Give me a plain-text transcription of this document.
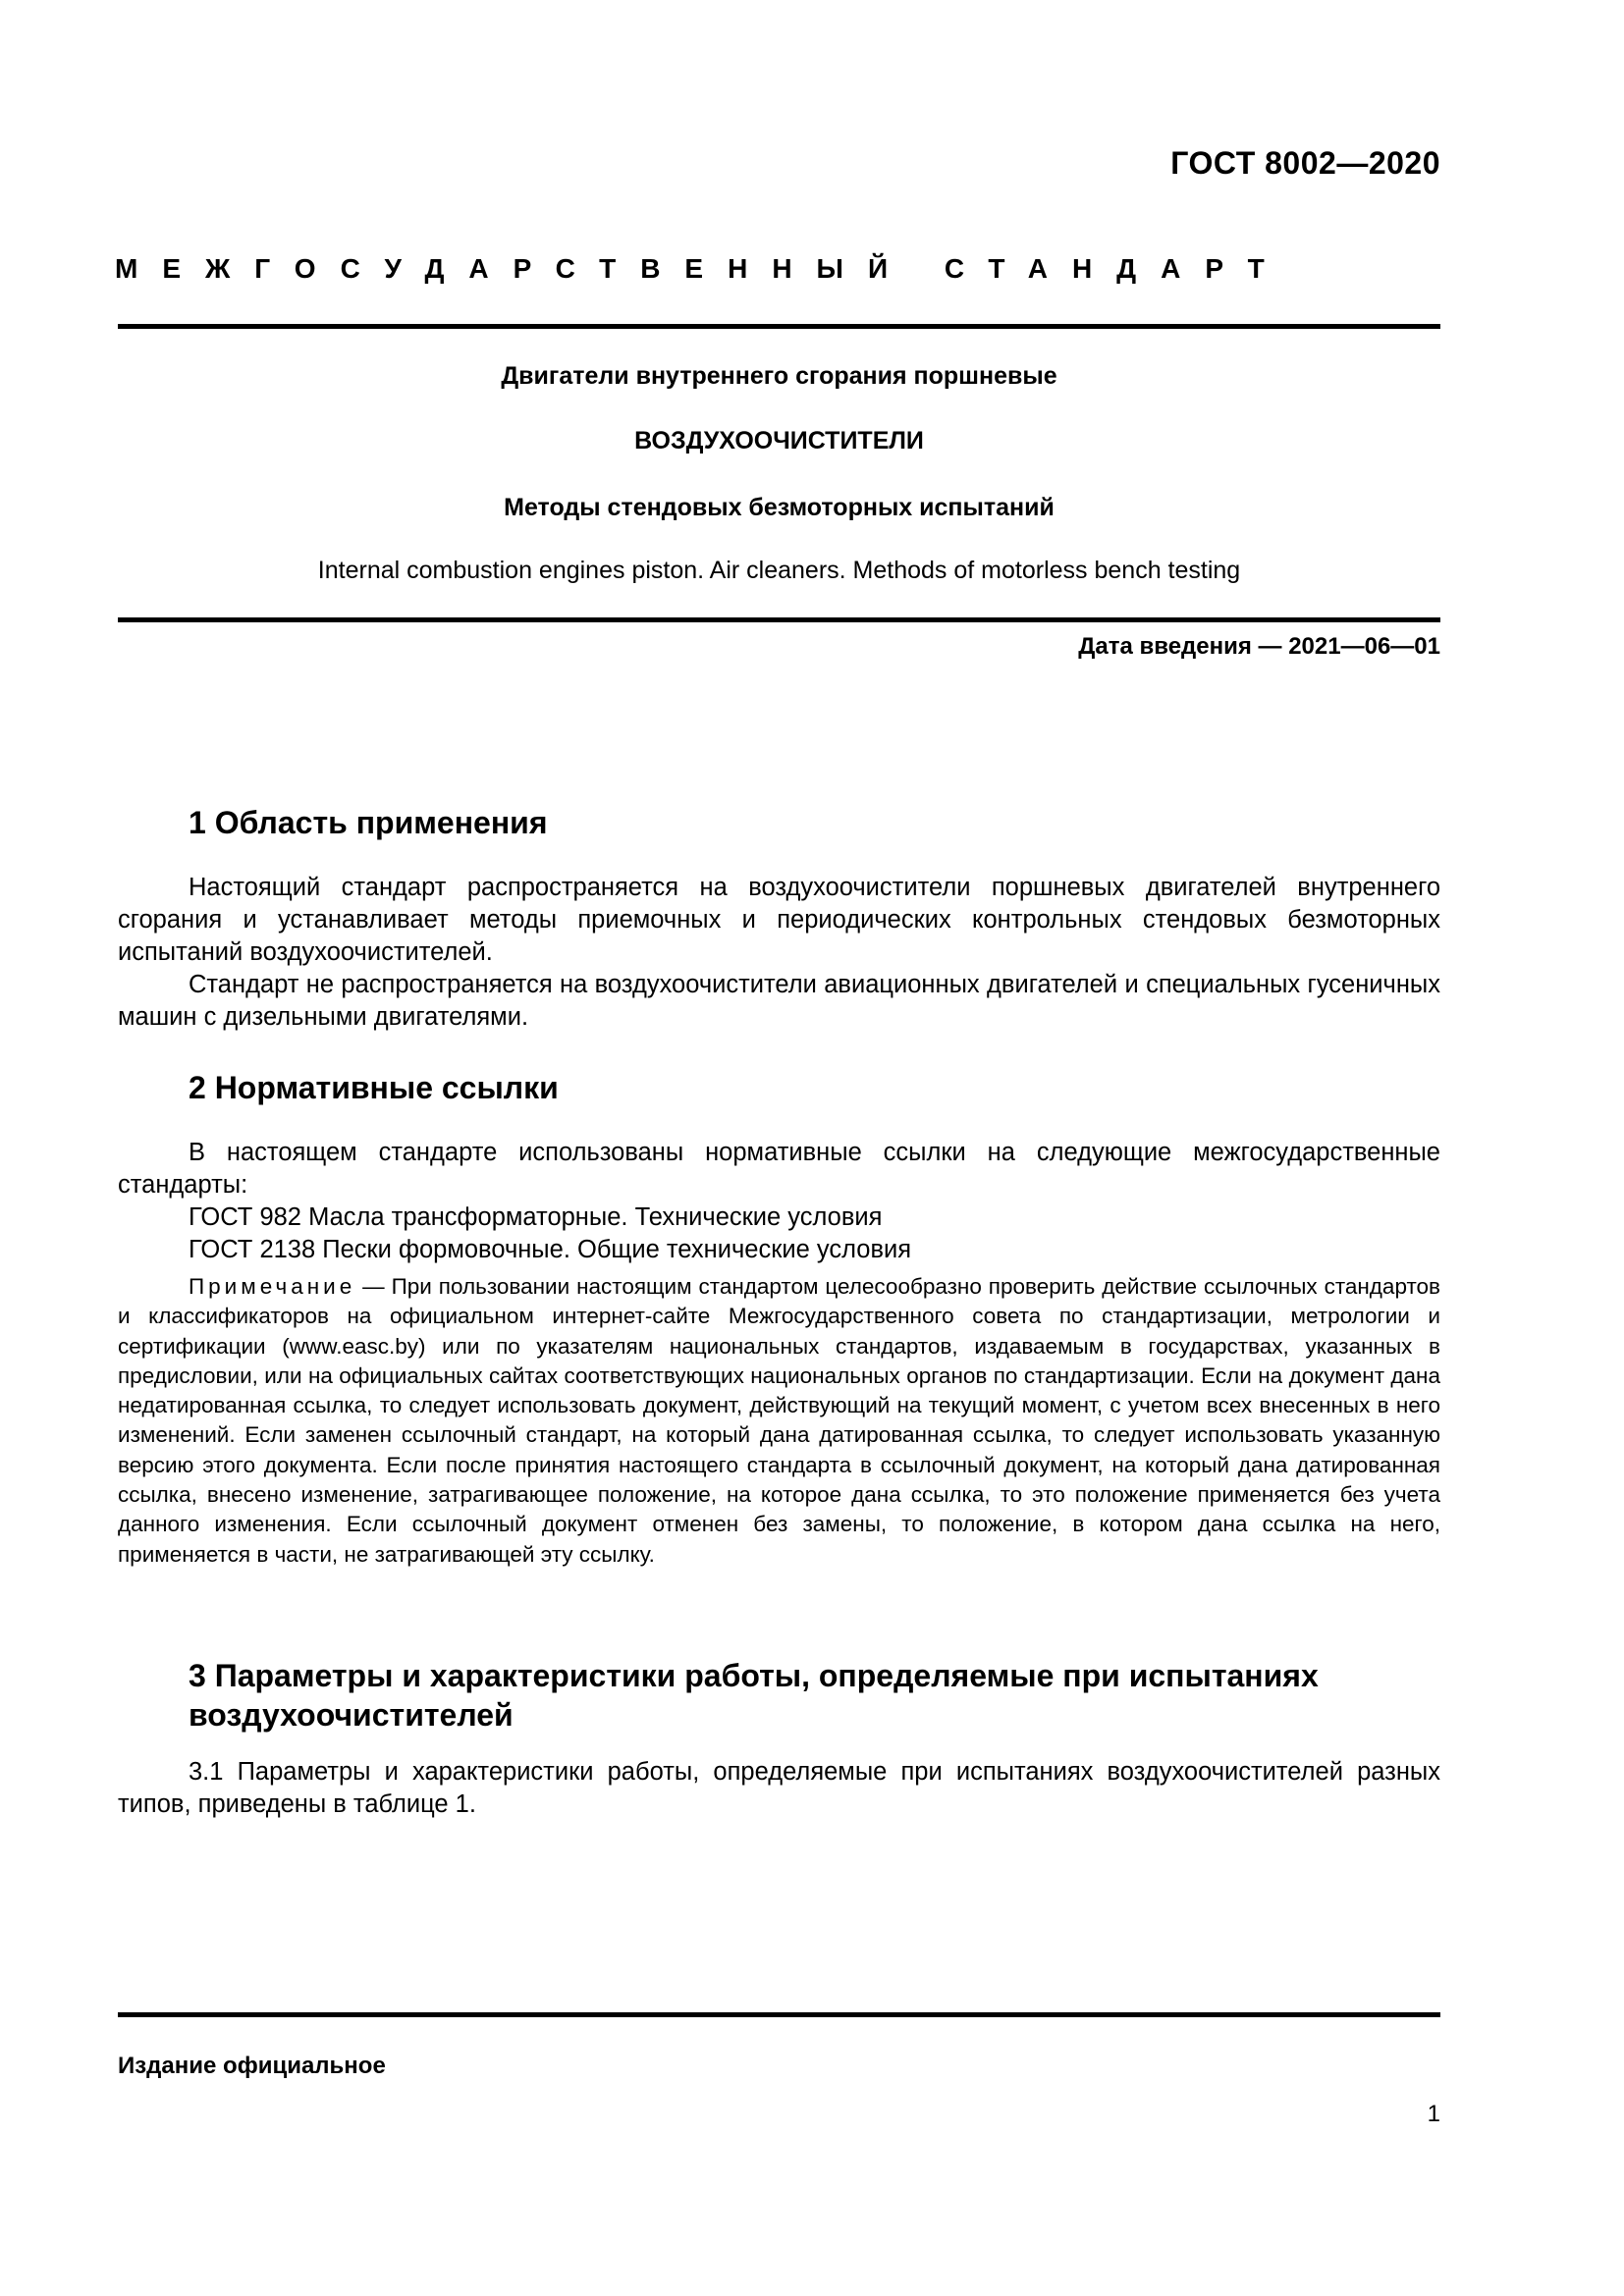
ГОСТ 8002—2020
МЕЖГОСУДАРСТВЕННЫЙ СТАНДАРТ
Двигатели внутреннего сгорания поршневые
ВОЗДУХООЧИСТИТЕЛИ
Методы стендовых безмоторных испытаний
Internal combustion engines piston. Air cleaners. Methods of motorless bench testing
Дата введения — 2021—06—01
1 Область применения

Настоящий стандарт распространяется на воздухоочистители поршневых двигателей внутреннего сгорания и устанавливает методы приемочных и периодических контрольных стендовых безмоторных испытаний воздухоочистителей.

Стандарт не распространяется на воздухоочистители авиационных двигателей и специальных гусеничных машин с дизельными двигателями.

2 Нормативные ссылки

В настоящем стандарте использованы нормативные ссылки на следующие межгосударственные стандарты:

ГОСТ 982 Масла трансформаторные. Технические условия

ГОСТ 2138 Пески формовочные. Общие технические условия

Примечание — При пользовании настоящим стандартом целесообразно проверить действие ссылочных стандартов и классификаторов на официальном интернет-сайте Межгосударственного совета по стандартизации, метрологии и сертификации (www.easc.by) или по указателям национальных стандартов, издаваемым в государствах, указанных в предисловии, или на официальных сайтах соответствующих национальных органов по стандартизации. Если на документ дана недатированная ссылка, то следует использовать документ, действующий на текущий момент, с учетом всех внесенных в него изменений. Если заменен ссылочный стандарт, на который дана датированная ссылка, то следует использовать указанную версию этого документа. Если после принятия настоящего стандарта в ссылочный документ, на который дана датированная ссылка, внесено изменение, затрагивающее положение, на которое дана ссылка, то это положение применяется без учета данного изменения. Если ссылочный документ отменен без замены, то положение, в котором дана ссылка на него, применяется в части, не затрагивающей эту ссылку.

3 Параметры и характеристики работы, определяемые при испытаниях
воздухоочистителей

3.1 Параметры и характеристики работы, определяемые при испытаниях воздухоочистителей разных типов, приведены в таблице 1.

Издание официальное
1
